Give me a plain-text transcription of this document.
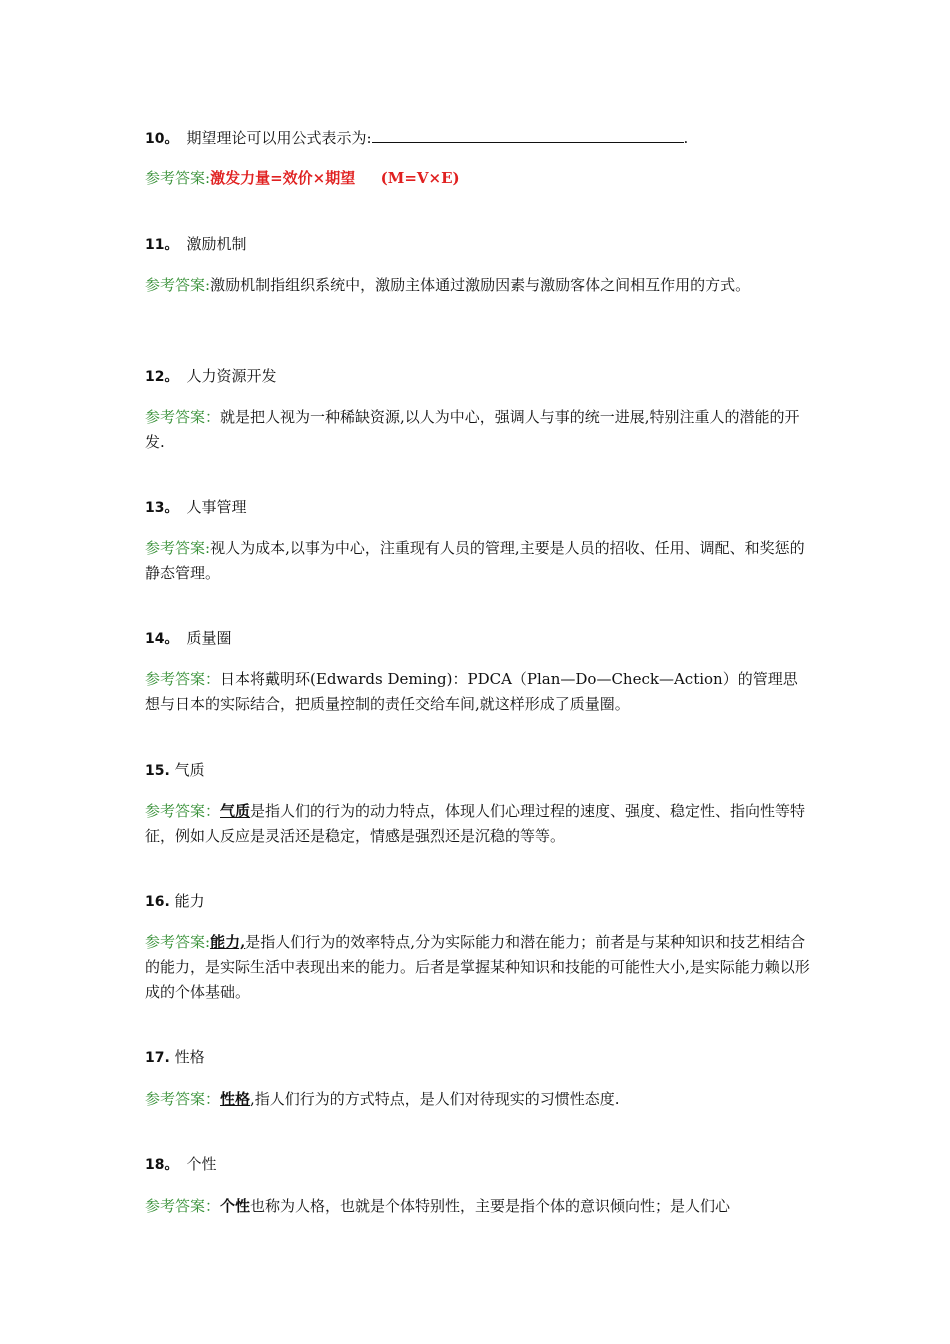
10。 期望理论可以用公式表示为:	.
参考答案:激发力量=效价×期望 　 (M=V×E)
11。 激励机制
参考答案:激励机制指组织系统中，激励主体通过激励因素与激励客体之间相互作用的方式。
12。 人力资源开发
参考答案：就是把人视为一种稀缺资源,以人为中心，强调人与事的统一进展,特别注重人的潜能的开发.
13。 人事管理
参考答案:视人为成本,以事为中心，注重现有人员的管理,主要是人员的招收、任用、调配、和奖惩的静态管理。
14。 质量圈
参考答案：日本将戴明环(Edwards Deming)：PDCA（Plan—Do—Check—Action）的管理思想与日本的实际结合，把质量控制的责任交给车间,就这样形成了质量圈。
15. 气质
参考答案：气质是指人们的行为的动力特点，体现人们心理过程的速度、强度、稳定性、指向性等特征，例如人反应是灵活还是稳定，情感是强烈还是沉稳的等等。
16. 能力
参考答案:能力,是指人们行为的效率特点,分为实际能力和潜在能力；前者是与某种知识和技艺相结合的能力，是实际生活中表现出来的能力。后者是掌握某种知识和技能的可能性大小,是实际能力赖以形成的个体基础。
17. 性格
参考答案：性格,指人们行为的方式特点，是人们对待现实的习惯性态度.
18。 个性
参考答案：个性也称为人格，也就是个体特别性，主要是指个体的意识倾向性；是人们心
